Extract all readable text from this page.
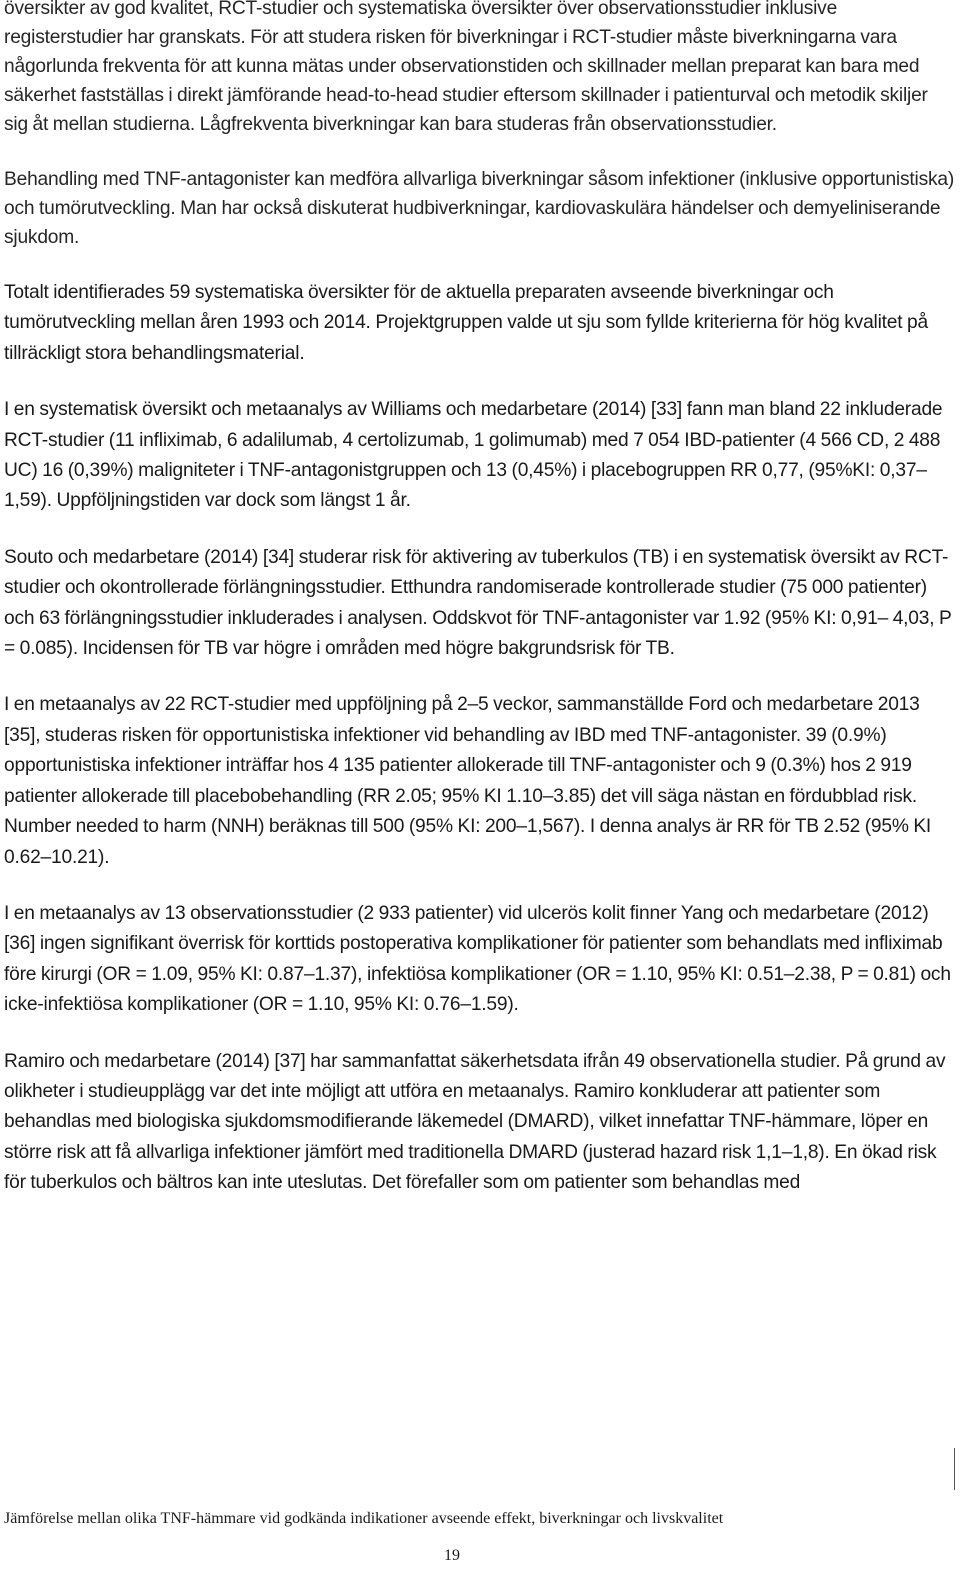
översikter av god kvalitet, RCT-studier och systematiska översikter över observationsstudier inklusive registerstudier har granskats. För att studera risken för biverkningar i RCT-studier måste biverkningarna vara någorlunda frekventa för att kunna mätas under observationstiden och skillnader mellan preparat kan bara med säkerhet fastställas i direkt jämförande head-to-head studier eftersom skillnader i patienturval och metodik skiljer sig åt mellan studierna. Lågfrekventa biverkningar kan bara studeras från observationsstudier.

Behandling med TNF-antagonister kan medföra allvarliga biverkningar såsom infektioner (inklusive opportunistiska) och tumörutveckling. Man har också diskuterat hudbiverkningar, kardiovaskulära händelser och demyeliniserande sjukdom.

Totalt identifierades 59 systematiska översikter för de aktuella preparaten avseende biverkningar och tumörutveckling mellan åren 1993 och 2014. Projektgruppen valde ut sju som fyllde kriterierna för hög kvalitet på tillräckligt stora behandlingsmaterial.

I en systematisk översikt och metaanalys av Williams och medarbetare (2014) [33] fann man bland 22 inkluderade RCT-studier (11 infliximab, 6 adalilumab, 4 certolizumab, 1 golimumab) med 7 054 IBD-patienter (4 566 CD, 2 488 UC) 16 (0,39%) maligniteter i TNF-antagonistgruppen och 13 (0,45%) i placebogruppen RR 0,77, (95%KI: 0,37–1,59). Uppföljningstiden var dock som längst 1 år.

Souto och medarbetare (2014) [34] studerar risk för aktivering av tuberkulos (TB) i en systematisk översikt av RCT-studier och okontrollerade förlängningsstudier. Etthundra randomiserade kontrollerade studier (75 000 patienter) och 63 förlängningsstudier inkluderades i analysen. Oddskvot för TNF-antagonister var 1.92 (95% KI: 0,91– 4,03, P = 0.085). Incidensen för TB var högre i områden med högre bakgrundsrisk för TB.

I en metaanalys av 22 RCT-studier med uppföljning på 2–5 veckor, sammanställde Ford och medarbetare 2013 [35], studeras risken för opportunistiska infektioner vid behandling av IBD med TNF-antagonister. 39 (0.9%) opportunistiska infektioner inträffar hos 4 135 patienter allokerade till TNF-antagonister och 9 (0.3%) hos 2 919 patienter allokerade till placebobehandling (RR 2.05; 95% KI 1.10–3.85) det vill säga nästan en fördubblad risk. Number needed to harm (NNH) beräknas till 500 (95% KI: 200–1,567). I denna analys är RR för TB 2.52 (95% KI 0.62–10.21).

I en metaanalys av 13 observationsstudier (2 933 patienter) vid ulcerös kolit finner Yang och medarbetare (2012) [36] ingen signifikant överrisk för korttids postoperativa komplikationer för patienter som behandlats med infliximab före kirurgi (OR = 1.09, 95% KI: 0.87–1.37), infektiösa komplikationer (OR = 1.10, 95% KI: 0.51–2.38, P = 0.81) och icke-infektiösa komplikationer (OR = 1.10, 95% KI: 0.76–1.59).

Ramiro och medarbetare (2014) [37] har sammanfattat säkerhetsdata ifrån 49 observationella studier. På grund av olikheter i studieupplägg var det inte möjligt att utföra en metaanalys. Ramiro konkluderar att patienter som behandlas med biologiska sjukdomsmodifierande läkemedel (DMARD), vilket innefattar TNF-hämmare, löper en större risk att få allvarliga infektioner jämfört med traditionella DMARD (justerad hazard risk 1,1–1,8). En ökad risk för tuberkulos och bältros kan inte uteslutas. Det förefaller som om patienter som behandlas med

Jämförelse mellan olika TNF-hämmare vid godkända indikationer avseende effekt, biverkningar och livskvalitet
19
